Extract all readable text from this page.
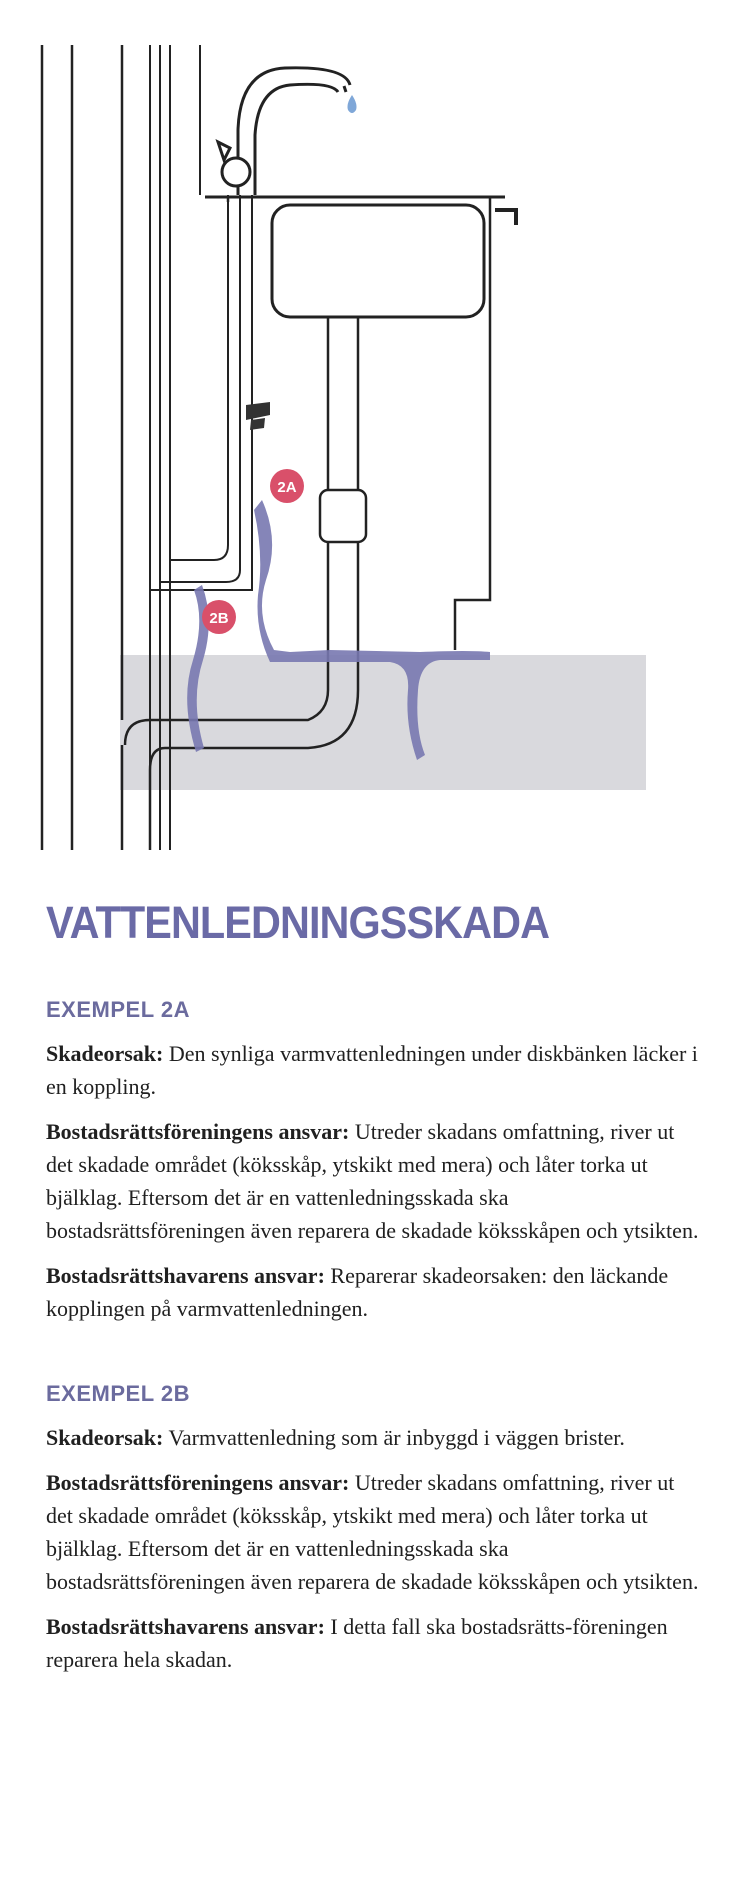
2A
2B
VATTENLEDNINGSSKADA
EXEMPEL 2A

Skadeorsak: Den synliga varmvattenledningen under diskbänken läcker i en koppling.

Bostadsrättsföreningens ansvar: Utreder skadans omfattning, river ut det skadade området (köksskåp, ytskikt med mera) och låter torka ut bjälklag. Eftersom det är en vattenledningsskada ska bostadsrättsföreningen även reparera de skadade köksskåpen och ytsikten.

Bostadsrättshavarens ansvar: Reparerar skadeorsaken: den läckande kopplingen på varmvattenledningen.

EXEMPEL 2B

Skadeorsak: Varmvattenledning som är inbyggd i väggen brister.

Bostadsrättsföreningens ansvar: Utreder skadans omfattning, river ut det skadade området (köksskåp, ytskikt med mera) och låter torka ut bjälklag. Eftersom det är en vattenledningsskada ska bostadsrättsföreningen även reparera de skadade köksskåpen och ytsikten.

Bostadsrättshavarens ansvar: I detta fall ska bostadsrätts-föreningen reparera hela skadan.
